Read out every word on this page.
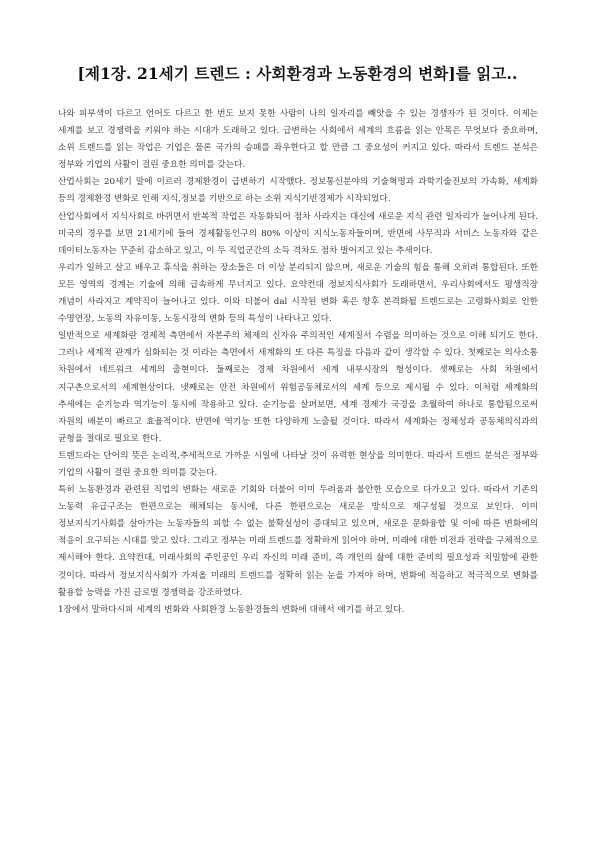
[제1장. 21세기 트렌드 : 사회환경과 노동환경의 변화]를 읽고..

나와 피부색이 다르고 언어도 다르고 한 번도 보지 못한 사람이 나의 일자리를 빼앗을 수 있는 경쟁자가 된 것이다. 이제는 세계를 보고 경쟁력을 키워야 하는 시대가 도래하고 있다. 급변하는 사회에서 세계의 흐름을 읽는 안목은 무엇보다 중요하며, 소위 트렌드를 읽는 작업은 기업은 물론 국가의 승패를 좌우한다고 할 만큼 그 중요성이 커지고 있다. 따라서 트렌드 분석은 정부와 기업의 사활이 걸린 중요한 의미를 갖는다.

산업사회는 20세기 말에 이르러 경제환경이 급변하기 시작했다. 정보통신분야의 기술혁명과 과학기술진보의 가속화, 세계화 등의 경제환경 변화로 인해 지식,정보를 기반으로 하는 소위 지식기반경제가 시작되었다.

산업사회에서 지식사회로 바뀌면서 반복적 작업은 자동화되어 점차 사라지는 대신에 새로운 지식 관련 일자리가 늘어나게 된다. 미국의 경우를 보면 21세기에 들어 경제활동인구의 80% 이상이 지식노동자들이며, 반면에 사무직과 서비스 노동자와 같은 데이터노동자는 꾸준히 감소하고 있고, 이 두 직업군간의 소득 격차도 점차 벌어지고 있는 추세이다.

우리가 일하고 살고 배우고 휴식을 취하는 장소들은 더 이상 분리되지 않으며, 새로운 기술의 힘을 통해 오히려 통합된다. 또한 모든 영역의 경계는 기술에 의해 급속하게 무너지고 있다. 요약컨대 정보지식사회가 도래하면서, 우리사회에서도 평생직장 개념이 사라지고 계약직이 늘어나고 있다. 이와 더불어 dal 시작된 변화 혹은 향후 본격화될 트렌드로는 고령화사회로 인한 수명연장, 노동의 자유이동, 노동시장의 변화 등의 특성이 나타나고 있다.

일반적으로 세계화란 경제적 측면에서 자본주의 체제의 신자유 주의적인 세계질서 수렴을 의미하는 것으로 이해 되기도 한다. 그러나 세계적 관계가 심화되는 것 이라는 측면에서 세계화의 또 다른 특징을 다음과 같이 생각할 수 있다. 첫째로는 의사소통 차원에서 네트워크 세계의 출현이다. 둘째로는 경제 차원에서 세계 내부시장의 형성이다. 셋째로는 사회 차원에서 지구촌으로서의 세계현상이다. 넷째로는 안전 차원에서 위험공동체로서의 세계 등으로 제시될 수 있다. 이처럼 세계화의 추세에는 순기능과 역기능이 동시에 작용하고 있다. 순기능을 살펴보면, 세계 경제가 국경을 초월하여 하나로 통합됨으로써 자원의 배분이 빠르고 효율적이다. 반면에 역기능 또한 다양하게 노출될 것이다. 따라서 세계화는 정체성과 공동체의식과의 균형을 절대로 필요로 한다.

트렌드라는 단어의 뜻은 논리적,추세적으로 가까운 시일에 나타날 것이 유력한 현상을 의미한다. 따라서 트렌드 분석은 정부와 기업의 사활이 걸린 중요한 의미를 갖는다.

특히 노동환경과 관련된 직업의 변화는 새로운 기회와 더불어 이미 두려움과 불안한 모습으로 다가오고 있다. 따라서 기존의 노동력 유급구조는 한편으로는 해체되는 동시에, 다른 한편으로는 새로운 방식으로 재구성될 것으로 보인다. 이미 정보지식기사회를 살아가는 노동자들의 피할 수 없는 불확실성이 증대되고 있으며, 새로운 문화융합 및 이에 따른 변화에의 적응이 요구되는 시대를 맞고 있다. 그리고 정부는 미래 트렌드를 정확하게 읽어야 하며, 미래에 대한 비전과 전략을 구체적으로 제시해야 한다. 요약컨대, 미래사회의 주인공인 우리 자신의 미래 준비, 즉 개인의 삶에 대한 준비의 필요성과 치밀함에 관한 것이다. 따라서 정보지식사회가 가져올 미래의 트렌드를 정확히 읽는 눈을 가져야 하며, 변화에 적응하고 적극적으로 변화를 활용할 능력을 가진 글로벌 경쟁력을 강조하였다.

1장에서 말하다시피 세계의 변화와 사회환경 노동환경들의 변화에 대해서 얘기를 하고 있다.
